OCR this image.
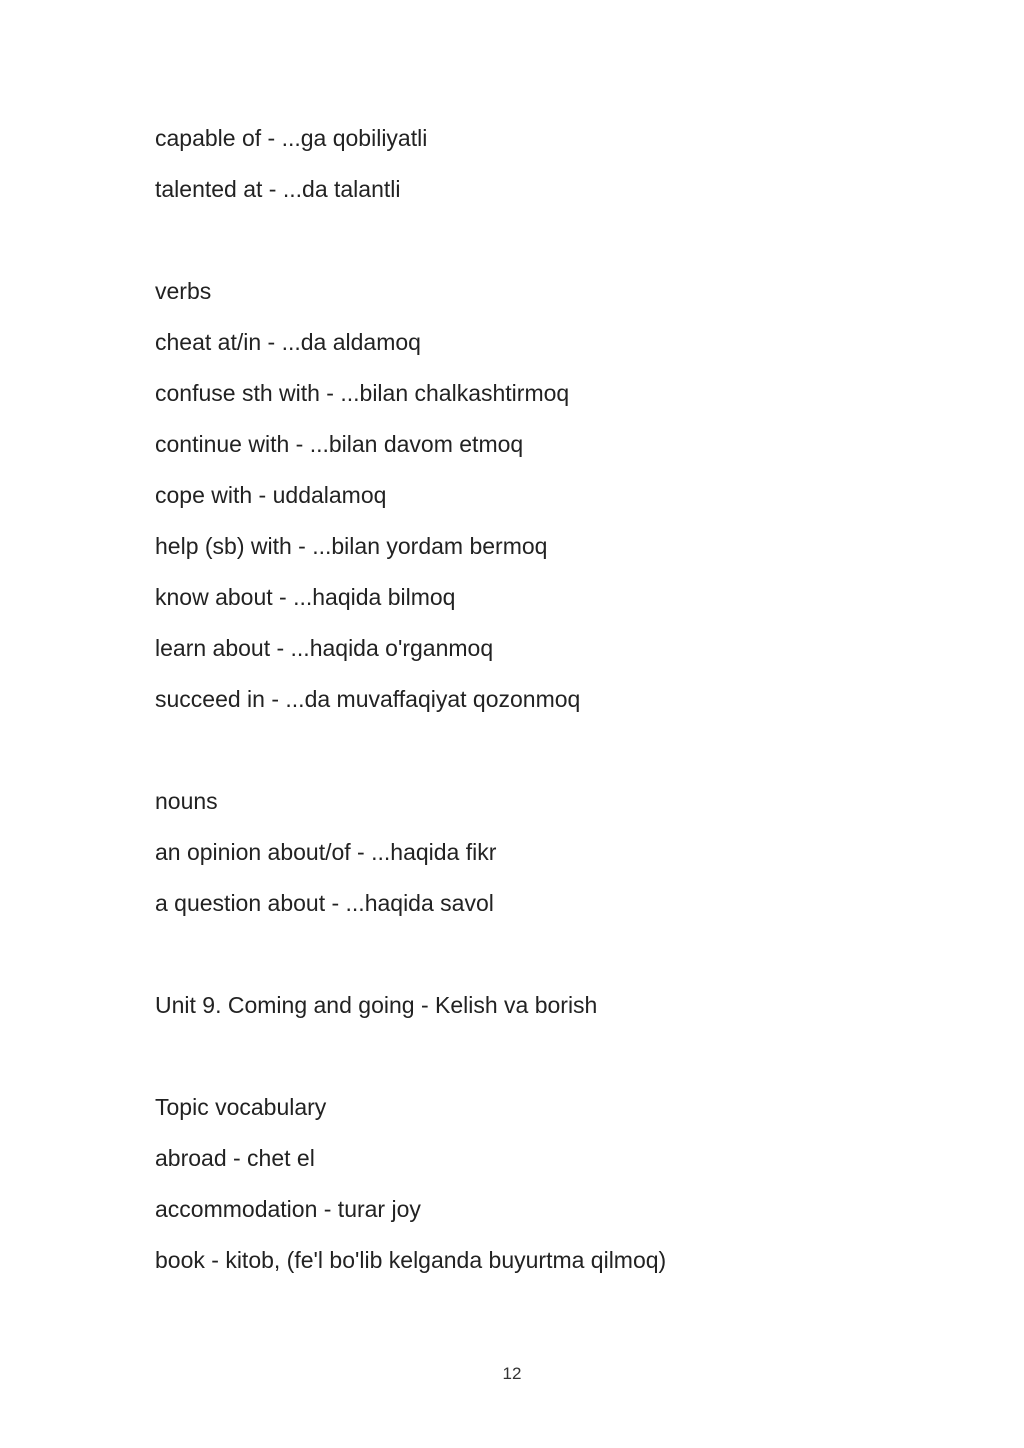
capable of - ...ga qobiliyatli
talented at - ...da talantli
verbs
cheat at/in - ...da aldamoq
confuse sth with - ...bilan chalkashtirmoq
continue with - ...bilan davom etmoq
cope with - uddalamoq
help (sb) with - ...bilan yordam bermoq
know about - ...haqida bilmoq
learn about - ...haqida o'rganmoq
succeed in - ...da muvaffaqiyat qozonmoq
nouns
an opinion about/of - ...haqida fikr
a question about - ...haqida savol
Unit 9. Coming and going - Kelish va borish
Topic vocabulary
abroad - chet el
accommodation - turar joy
book - kitob, (fe'l bo'lib kelganda buyurtma qilmoq)
12
